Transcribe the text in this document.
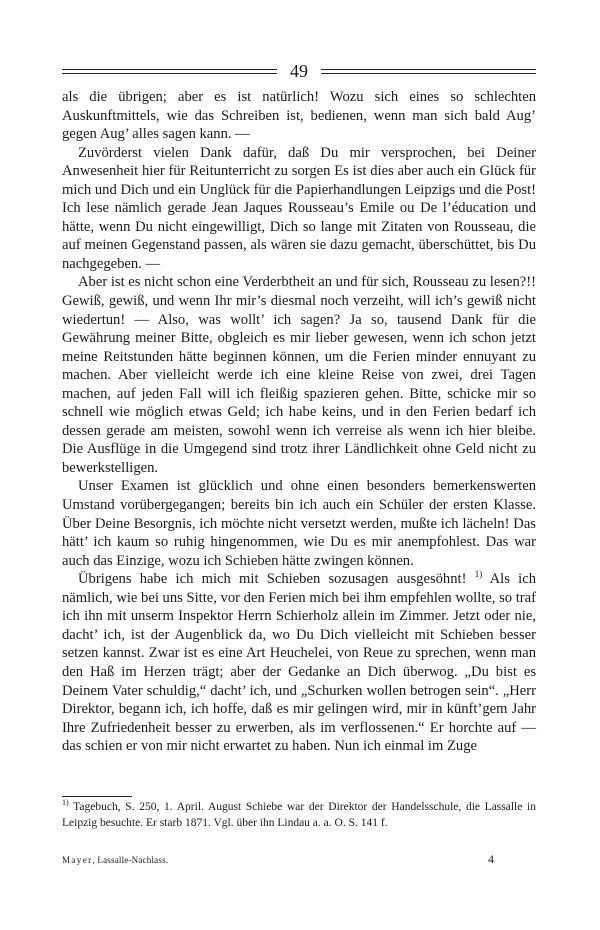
49

als die übrigen; aber es ist natürlich! Wozu sich eines so schlechten Auskunftmittels, wie das Schreiben ist, bedienen, wenn man sich bald Aug’ gegen Aug’ alles sagen kann. —

Zuvörderst vielen Dank dafür, daß Du mir versprochen, bei Deiner Anwesenheit hier für Reitunterricht zu sorgen Es ist dies aber auch ein Glück für mich und Dich und ein Unglück für die Papierhandlungen Leipzigs und die Post! Ich lese nämlich gerade Jean Jaques Rousseau’s Emile ou De l’éducation und hätte, wenn Du nicht eingewilligt, Dich so lange mit Zitaten von Rousseau, die auf meinen Gegenstand passen, als wären sie dazu gemacht, überschüttet, bis Du nachgegeben. —

Aber ist es nicht schon eine Verderbtheit an und für sich, Rousseau zu lesen?!! Gewiß, gewiß, und wenn Ihr mir’s diesmal noch verzeiht, will ich’s gewiß nicht wiedertun! — Also, was wollt’ ich sagen? Ja so, tausend Dank für die Gewährung meiner Bitte, obgleich es mir lieber gewesen, wenn ich schon jetzt meine Reitstunden hätte beginnen können, um die Ferien minder ennuyant zu machen. Aber vielleicht werde ich eine kleine Reise von zwei, drei Tagen machen, auf jeden Fall will ich fleißig spazieren gehen. Bitte, schicke mir so schnell wie möglich etwas Geld; ich habe keins, und in den Ferien bedarf ich dessen gerade am meisten, sowohl wenn ich verreise als wenn ich hier bleibe. Die Ausflüge in die Umgegend sind trotz ihrer Ländlichkeit ohne Geld nicht zu bewerkstelligen.

Unser Examen ist glücklich und ohne einen besonders bemerkenswerten Umstand vorübergegangen; bereits bin ich auch ein Schüler der ersten Klasse. Über Deine Besorgnis, ich möchte nicht versetzt werden, mußte ich lächeln! Das hätt’ ich kaum so ruhig hingenommen, wie Du es mir anempfohlest. Das war auch das Einzige, wozu ich Schieben hätte zwingen können.

Übrigens habe ich mich mit Schieben sozusagen ausgesöhnt! $^{1)}$ Als ich nämlich, wie bei uns Sitte, vor den Ferien mich bei ihm empfehlen wollte, so traf ich ihn mit unserm Inspektor Herrn Schierholz allein im Zimmer. Jetzt oder nie, dacht’ ich, ist der Augenblick da, wo Du Dich vielleicht mit Schieben besser setzen kannst. Zwar ist es eine Art Heuchelei, von Reue zu sprechen, wenn man den Haß im Herzen trägt; aber der Gedanke an Dich überwog. „Du bist es Deinem Vater schuldig,“ dacht’ ich, und „Schurken wollen betrogen sein“. „Herr Direktor, begann ich, ich hoffe, daß es mir gelingen wird, mir in künft’gem Jahr Ihre Zufriedenheit besser zu erwerben, als im verflossenen.“ Er horchte auf — das schien er von mir nicht erwartet zu haben. Nun ich einmal im Zuge

$^{1)}$ Tagebuch, S. 250, 1. April. August Schiebe war der Direktor der Handelsschule, die Lassalle in Leipzig besuchte. Er starb 1871. Vgl. über ihn Lindau a. a. O. S. 141 f.
Mayer, Lassalle-Nachlass.	4
